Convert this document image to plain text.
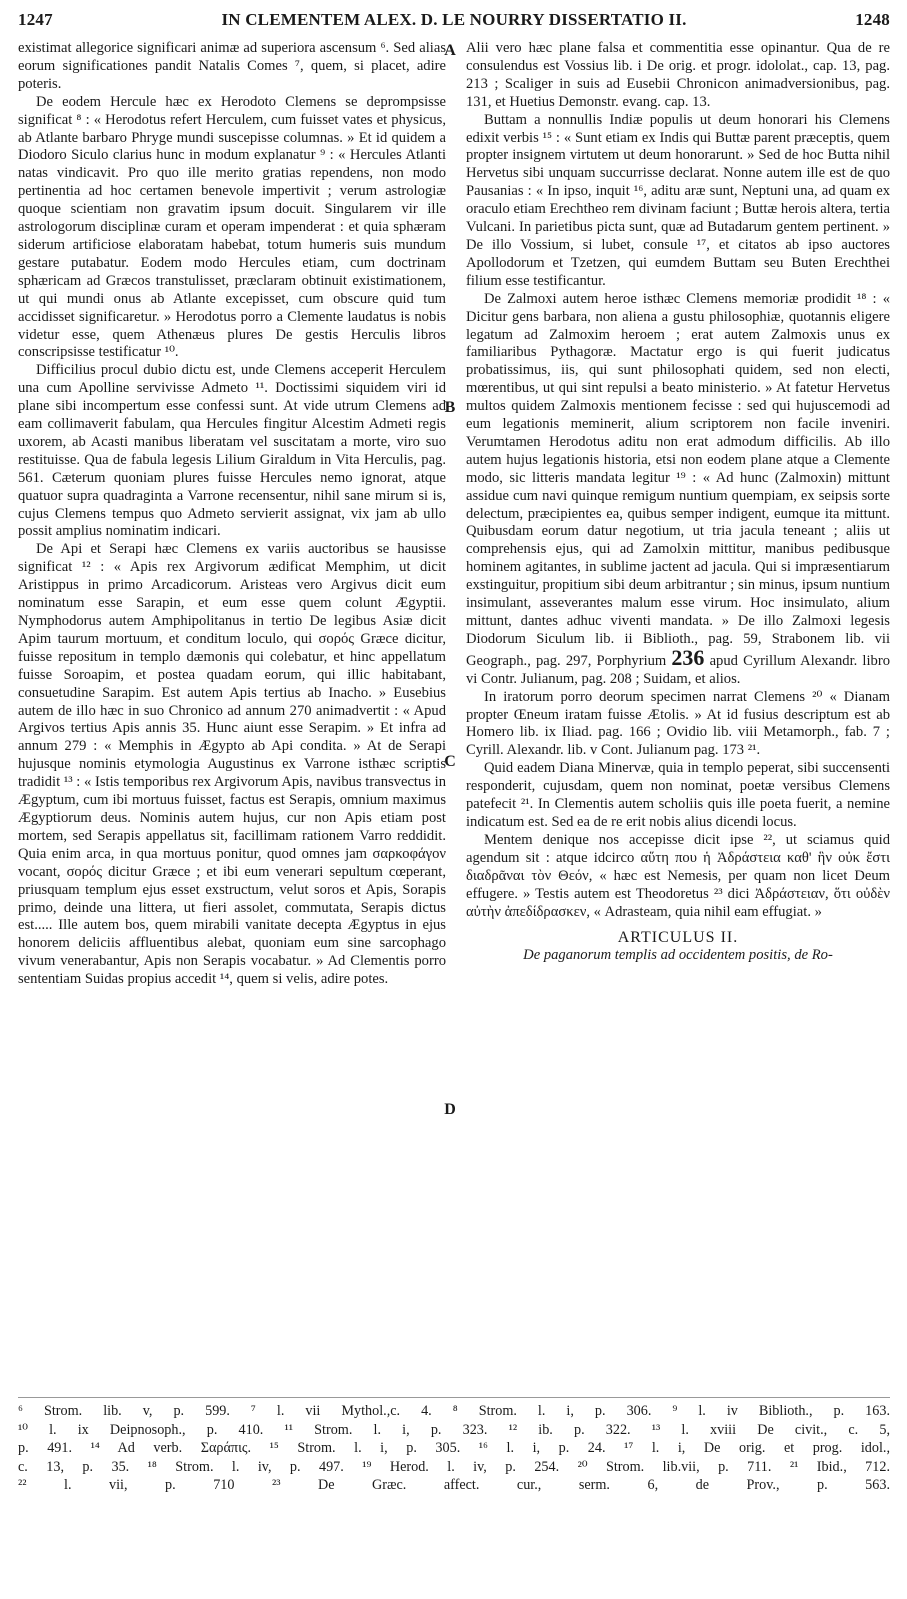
1247	IN CLEMENTEM ALEX. D. LE NOURRY DISSERTATIO II.	1248

existimat allegorice significari animæ ad superiora ascensum ⁶. Sed alias eorum significationes pandit Natalis Comes ⁷, quem, si placet, adire poteris.

De eodem Hercule hæc ex Herodoto Clemens se deprompsisse significat ⁸ : « Herodotus refert Herculem, cum fuisset vates et physicus, ab Atlante barbaro Phryge mundi suscepisse columnas. » Et id quidem a Diodoro Siculo clarius hunc in modum explanatur ⁹ : « Hercules Atlanti natas vindicavit. Pro quo ille merito gratias rependens, non modo pertinentia ad hoc certamen benevole impertivit ; verum astrologiæ quoque scientiam non gravatim ipsum docuit. Singularem vir ille astrologorum disciplinæ curam et operam impenderat : et quia sphæram siderum artificiose elaboratam habebat, totum humeris suis mundum gestare putabatur. Eodem modo Hercules etiam, cum doctrinam sphæricam ad Græcos transtulisset, præclaram obtinuit existimationem, ut qui mundi onus ab Atlante excepisset, cum obscure quid tum accidisset significaretur. » Herodotus porro a Clemente laudatus is nobis videtur esse, quem Athenæus plures De gestis Herculis libros conscripsisse testificatur ¹⁰.

Difficilius procul dubio dictu est, unde Clemens acceperit Herculem una cum Apolline servivisse Admeto ¹¹. Doctissimi siquidem viri id plane sibi incompertum esse confessi sunt. At vide utrum Clemens ad eam collimaverit fabulam, qua Hercules fingitur Alcestim Admeti regis uxorem, ab Acasti manibus liberatam vel suscitatam a morte, viro suo restituisse. Qua de fabula legesis Lilium Giraldum in Vita Herculis, pag. 561. Cæterum quoniam plures fuisse Hercules nemo ignorat, atque quatuor supra quadraginta a Varrone recensentur, nihil sane mirum si is, cujus Clemens tempus quo Admeto servierit assignat, vix jam ab ullo possit amplius nominatim indicari.

De Api et Serapi hæc Clemens ex variis auctoribus se hausisse significat ¹² : « Apis rex Argivorum ædificat Memphim, ut dicit Aristippus in primo Arcadicorum. Aristeas vero Argivus dicit eum nominatum esse Sarapin, et eum esse quem colunt Ægyptii. Nymphodorus autem Amphipolitanus in tertio De legibus Asiæ dicit Apim taurum mortuum, et conditum loculo, qui σορός Græce dicitur, fuisse repositum in templo dæmonis qui colebatur, et hinc appellatum fuisse Soroapim, et postea quadam eorum, qui illic habitabant, consuetudine Sarapim. Est autem Apis tertius ab Inacho. » Eusebius autem de illo hæc in suo Chronico ad annum 270 animadvertit : « Apud Argivos tertius Apis annis 35. Hunc aiunt esse Serapim. » Et infra ad annum 279 : « Memphis in Ægypto ab Api condita. » At de Serapi hujusque nominis etymologia Augustinus ex Varrone isthæc scriptis tradidit ¹³ : « Istis temporibus rex Argivorum Apis, navibus transvectus in Ægyptum, cum ibi mortuus fuisset, factus est Serapis, omnium maximus Ægyptiorum deus. Nominis autem hujus, cur non Apis etiam post mortem, sed Serapis appellatus sit, facillimam rationem Varro reddidit. Quia enim arca, in qua mortuus ponitur, quod omnes jam σαρκοφάγον vocant, σορός dicitur Græce ; et ibi eum venerari sepultum cœperant, priusquam templum ejus esset exstructum, velut soros et Apis, Sorapis primo, deinde una littera, ut fieri assolet, commutata, Serapis dictus est..... Ille autem bos, quem mirabili vanitate decepta Ægyptus in ejus honorem deliciis affluentibus alebat, quoniam eum sine sarcophago vivum venerabantur, Apis non Serapis vocabatur. » Ad Clementis porro sententiam Suidas propius accedit ¹⁴, quem si velis, adire potes.

A
B
C
D

Alii vero hæc plane falsa et commentitia esse opinantur. Qua de re consulendus est Vossius lib. i De orig. et progr. idololat., cap. 13, pag. 213 ; Scaliger in suis ad Eusebii Chronicon animadversionibus, pag. 131, et Huetius Demonstr. evang. cap. 13.

Buttam a nonnullis Indiæ populis ut deum honorari his Clemens edixit verbis ¹⁵ : « Sunt etiam ex Indis qui Buttæ parent præceptis, quem propter insignem virtutem ut deum honorarunt. » Sed de hoc Butta nihil Hervetus sibi unquam succurrisse declarat. Nonne autem ille est de quo Pausanias : « In ipso, inquit ¹⁶, aditu aræ sunt, Neptuni una, ad quam ex oraculo etiam Erechtheo rem divinam faciunt ; Buttæ herois altera, tertia Vulcani. In parietibus picta sunt, quæ ad Butadarum gentem pertinent. » De illo Vossium, si lubet, consule ¹⁷, et citatos ab ipso auctores Apollodorum et Tzetzen, qui eumdem Buttam seu Buten Erechthei filium esse testificantur.

De Zalmoxi autem heroe isthæc Clemens memoriæ prodidit ¹⁸ : « Dicitur gens barbara, non aliena a gustu philosophiæ, quotannis eligere legatum ad Zalmoxim heroem ; erat autem Zalmoxis unus ex familiaribus Pythagoræ. Mactatur ergo is qui fuerit judicatus probatissimus, iis, qui sunt philosophati quidem, sed non electi, mœrentibus, ut qui sint repulsi a beato ministerio. » At fatetur Hervetus multos quidem Zalmoxis mentionem fecisse : sed qui hujuscemodi ad eum legationis meminerit, alium scriptorem non facile inveniri. Verumtamen Herodotus aditu non erat admodum difficilis. Ab illo autem hujus legationis historia, etsi non eodem plane atque a Clemente modo, sic litteris mandata legitur ¹⁹ : « Ad hunc (Zalmoxin) mittunt assidue cum navi quinque remigum nuntium quempiam, ex seipsis sorte delectum, præcipientes ea, quibus semper indigent, eumque ita mittunt. Quibusdam eorum datur negotium, ut tria jacula teneant ; aliis ut comprehensis ejus, qui ad Zamolxin mittitur, manibus pedibusque hominem agitantes, in sublime jactent ad jacula. Qui si impræsentiarum exstinguitur, propitium sibi deum arbitrantur ; sin minus, ipsum nuntium insimulant, asseverantes malum esse virum. Hoc insimulato, alium mittunt, dantes adhuc viventi mandata. » De illo Zalmoxi legesis Diodorum Siculum lib. ii Biblioth., pag. 59, Strabonem lib. vii Geograph., pag. 297, Porphyrium 236 apud Cyrillum Alexandr. libro vi Contr. Julianum, pag. 208 ; Suidam, et alios.

In iratorum porro deorum specimen narrat Clemens ²⁰ « Dianam propter Œneum iratam fuisse Ætolis. » At id fusius descriptum est ab Homero lib. ix Iliad. pag. 166 ; Ovidio lib. viii Metamorph., fab. 7 ; Cyrill. Alexandr. lib. v Cont. Julianum pag. 173 ²¹.

Quid eadem Diana Minervæ, quia in templo peperat, sibi succensenti responderit, cujusdam, quem non nominat, poetæ versibus Clemens patefecit ²¹. In Clementis autem scholiis quis ille poeta fuerit, a nemine indicatum est. Sed ea de re erit nobis alius dicendi locus.

Mentem denique nos accepisse dicit ipse ²², ut sciamus quid agendum sit : atque idcirco αὕτη που ἡ Ἀδράστεια καθ' ἣν οὐκ ἔστι διαδρᾶναι τὸν Θεόν, « hæc est Nemesis, per quam non licet Deum effugere. » Testis autem est Theodoretus ²³ dici Ἀδράστειαν, ὅτι οὐδὲν αὐτὴν ἀπεδίδρασκεν, « Adrasteam, quia nihil eam effugiat. »

ARTICULUS II.

De paganorum templis ad occidentem positis, de Ro-

⁶ Strom. lib. v, p. 599. ⁷ l. vii Mythol.,c. 4. ⁸ Strom. l. i, p. 306. ⁹ l. iv Biblioth., p. 163.
¹⁰ l. ix Deipnosoph., p. 410. ¹¹ Strom. l. i, p. 323. ¹² ib. p. 322. ¹³ l. xviii De civit., c. 5,
p. 491. ¹⁴ Ad verb. Σαράπις. ¹⁵ Strom. l. i, p. 305. ¹⁶ l. i, p. 24. ¹⁷ l. i, De orig. et prog. idol.,
c. 13, p. 35. ¹⁸ Strom. l. iv, p. 497. ¹⁹ Herod. l. iv, p. 254. ²⁰ Strom. lib.vii, p. 711. ²¹ Ibid., 712.
²² l. vii, p. 710 ²³ De Græc. affect. cur., serm. 6, de Prov., p. 563.
